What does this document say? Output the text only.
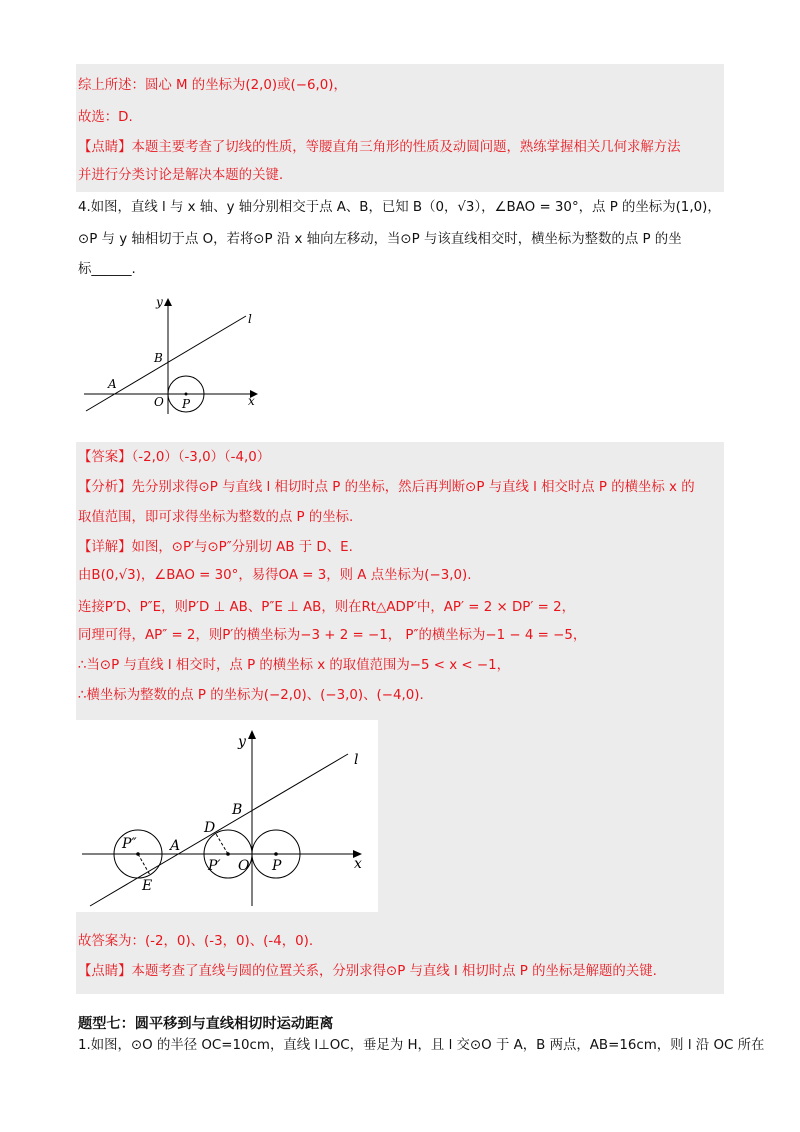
综上所述：圆心 M 的坐标为(2,0)或(−6,0)，
故选：D.
【点睛】本题主要考查了切线的性质，等腰直角三角形的性质及动圆问题，熟练掌握相关几何求解方法
并进行分类讨论是解决本题的关键.
4.如图，直线 l 与 x 轴、y 轴分别相交于点 A、B，已知 B（0，√3），∠BAO = 30°，点 P 的坐标为(1,0)，
⊙P 与 y 轴相切于点 O，若将⊙P 沿 x 轴向左移动，当⊙P 与该直线相交时，横坐标为整数的点 P 的坐
标______.
y
x
l
B
A
O P
【答案】（-2,0）（-3,0）（-4,0）
【分析】先分别求得⊙P 与直线 l 相切时点 P 的坐标，然后再判断⊙P 与直线 l 相交时点 P 的横坐标 x 的
取值范围，即可求得坐标为整数的点 P 的坐标.
【详解】如图，⊙P′与⊙P″分别切 AB 于 D、E.
由B(0,√3)，∠BAO = 30°，易得OA = 3，则 A 点坐标为(−3,0).
连接P′D、P″E，则P′D ⊥ AB、P″E ⊥ AB，则在Rt△ADP′中，AP′ = 2 × DP′ = 2，
同理可得，AP″ = 2，则P′的横坐标为−3 + 2 = −1， P″的横坐标为−1 − 4 = −5，
∴当⊙P 与直线 l 相交时，点 P 的横坐标 x 的取值范围为−5 < x < −1，
∴横坐标为整数的点 P 的坐标为(−2,0)、(−3,0)、(−4,0).
y
x
l
B
A
D
E
P″
P′ O P
故答案为：(-2，0)、(-3，0)、(-4，0).
【点睛】本题考查了直线与圆的位置关系，分别求得⊙P 与直线 l 相切时点 P 的坐标是解题的关键.
题型七：圆平移到与直线相切时运动距离
1.如图，⊙O 的半径 OC=10cm，直线 l⊥OC，垂足为 H，且 l 交⊙O 于 A，B 两点，AB=16cm，则 l 沿 OC 所在
